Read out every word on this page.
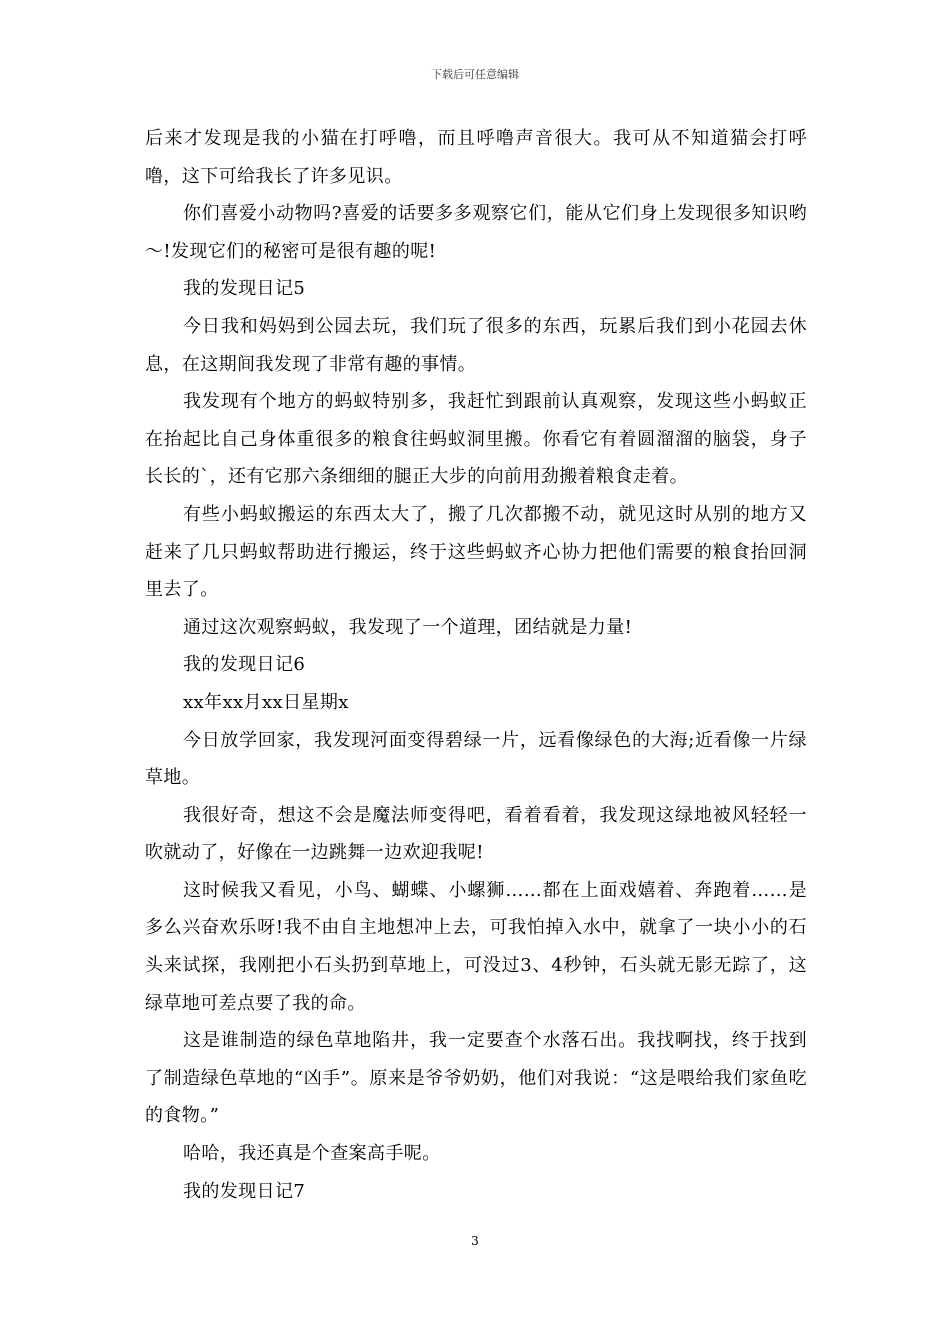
下载后可任意编辑

后来才发现是我的小猫在打呼噜，而且呼噜声音很大。我可从不知道猫会打呼噜，这下可给我长了许多见识。

你们喜爱小动物吗?喜爱的话要多多观察它们，能从它们身上发现很多知识哟～!发现它们的秘密可是很有趣的呢!

我的发现日记5

今日我和妈妈到公园去玩，我们玩了很多的东西，玩累后我们到小花园去休息，在这期间我发现了非常有趣的事情。

我发现有个地方的蚂蚁特别多，我赶忙到跟前认真观察，发现这些小蚂蚁正在抬起比自己身体重很多的粮食往蚂蚁洞里搬。你看它有着圆溜溜的脑袋，身子长长的`，还有它那六条细细的腿正大步的向前用劲搬着粮食走着。

有些小蚂蚁搬运的东西太大了，搬了几次都搬不动，就见这时从别的地方又赶来了几只蚂蚁帮助进行搬运，终于这些蚂蚁齐心协力把他们需要的粮食抬回洞里去了。

通过这次观察蚂蚁，我发现了一个道理，团结就是力量!

我的发现日记6

xx年xx月xx日星期x

今日放学回家，我发现河面变得碧绿一片，远看像绿色的大海;近看像一片绿草地。

我很好奇，想这不会是魔法师变得吧，看着看着，我发现这绿地被风轻轻一吹就动了，好像在一边跳舞一边欢迎我呢!

这时候我又看见，小鸟、蝴蝶、小螺狮……都在上面戏嬉着、奔跑着……是多么兴奋欢乐呀!我不由自主地想冲上去，可我怕掉入水中，就拿了一块小小的石头来试探，我刚把小石头扔到草地上，可没过3、4秒钟，石头就无影无踪了，这绿草地可差点要了我的命。

这是谁制造的绿色草地陷井，我一定要查个水落石出。我找啊找，终于找到了制造绿色草地的“凶手”。原来是爷爷奶奶，他们对我说：“这是喂给我们家鱼吃的食物。”

哈哈，我还真是个查案高手呢。

我的发现日记7

3
